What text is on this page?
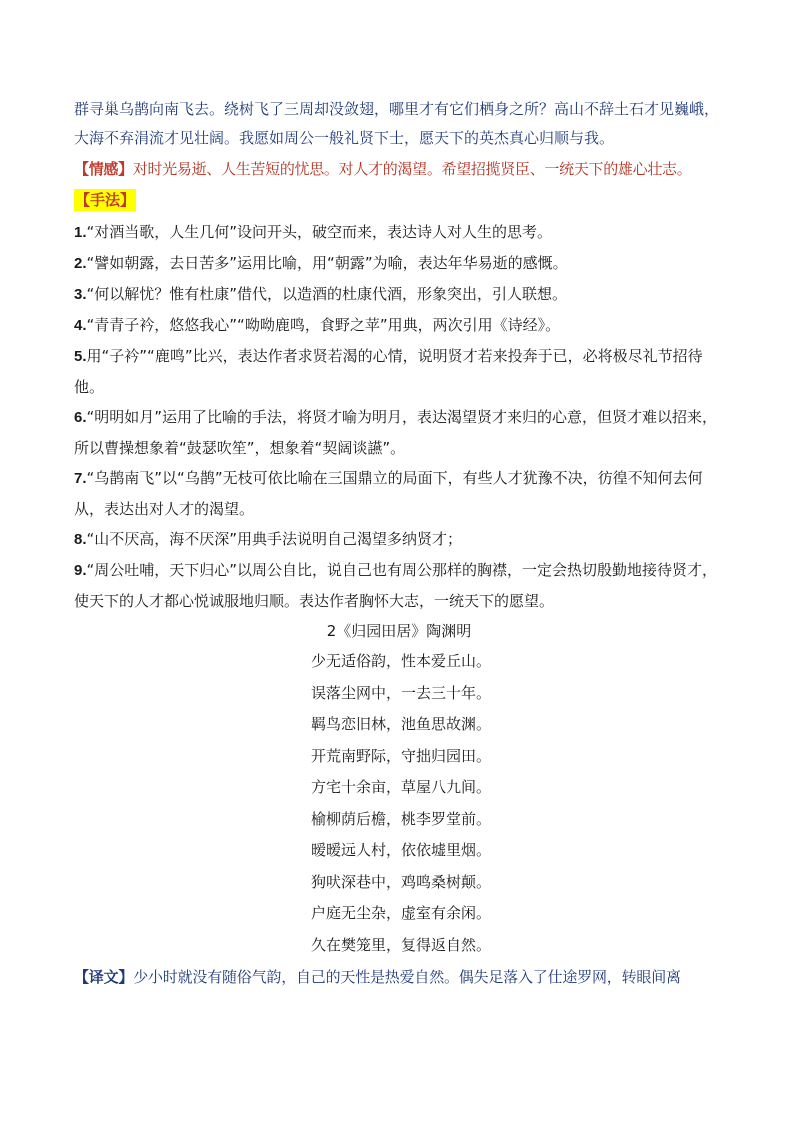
群寻巢乌鹊向南飞去。绕树飞了三周却没敛翅，哪里才有它们栖身之所？高山不辞土石才见巍峨，大海不弃涓流才见壮阔。我愿如周公一般礼贤下士，愿天下的英杰真心归顺与我。

【情感】对时光易逝、人生苦短的忧思。对人才的渴望。希望招揽贤臣、一统天下的雄心壮志。

【手法】

1.“对酒当歌，人生几何”设问开头，破空而来，表达诗人对人生的思考。

2.“譬如朝露，去日苦多”运用比喻，用“朝露”为喻，表达年华易逝的感慨。

3.“何以解忧？惟有杜康”借代，以造酒的杜康代酒，形象突出，引人联想。

4.“青青子衿，悠悠我心”“呦呦鹿鸣，食野之苹”用典，两次引用《诗经》。

5.用“子衿”“鹿鸣”比兴，表达作者求贤若渴的心情，说明贤才若来投奔于已，必将极尽礼节招待他。

6.“明明如月”运用了比喻的手法，将贤才喻为明月，表达渴望贤才来归的心意，但贤才难以招来，所以曹操想象着“鼓瑟吹笙”，想象着“契阔谈讌”。

7.“乌鹊南飞”以“乌鹊”无枝可依比喻在三国鼎立的局面下，有些人才犹豫不决，彷徨不知何去何从，表达出对人才的渴望。

8.“山不厌高，海不厌深”用典手法说明自己渴望多纳贤才；

9.“周公吐哺，天下归心”以周公自比，说自己也有周公那样的胸襟，一定会热切殷勤地接待贤才，使天下的人才都心悦诚服地归顺。表达作者胸怀大志，一统天下的愿望。

2《归园田居》陶渊明

少无适俗韵，性本爱丘山。

误落尘网中，一去三十年。

羁鸟恋旧林，池鱼思故渊。

开荒南野际，守拙归园田。

方宅十余亩，草屋八九间。

榆柳荫后檐，桃李罗堂前。

暧暧远人村，依依墟里烟。

狗吠深巷中，鸡鸣桑树颠。

户庭无尘杂，虚室有余闲。

久在樊笼里，复得返自然。

【译文】少小时就没有随俗气韵，自己的天性是热爱自然。偶失足落入了仕途罗网，转眼间离
